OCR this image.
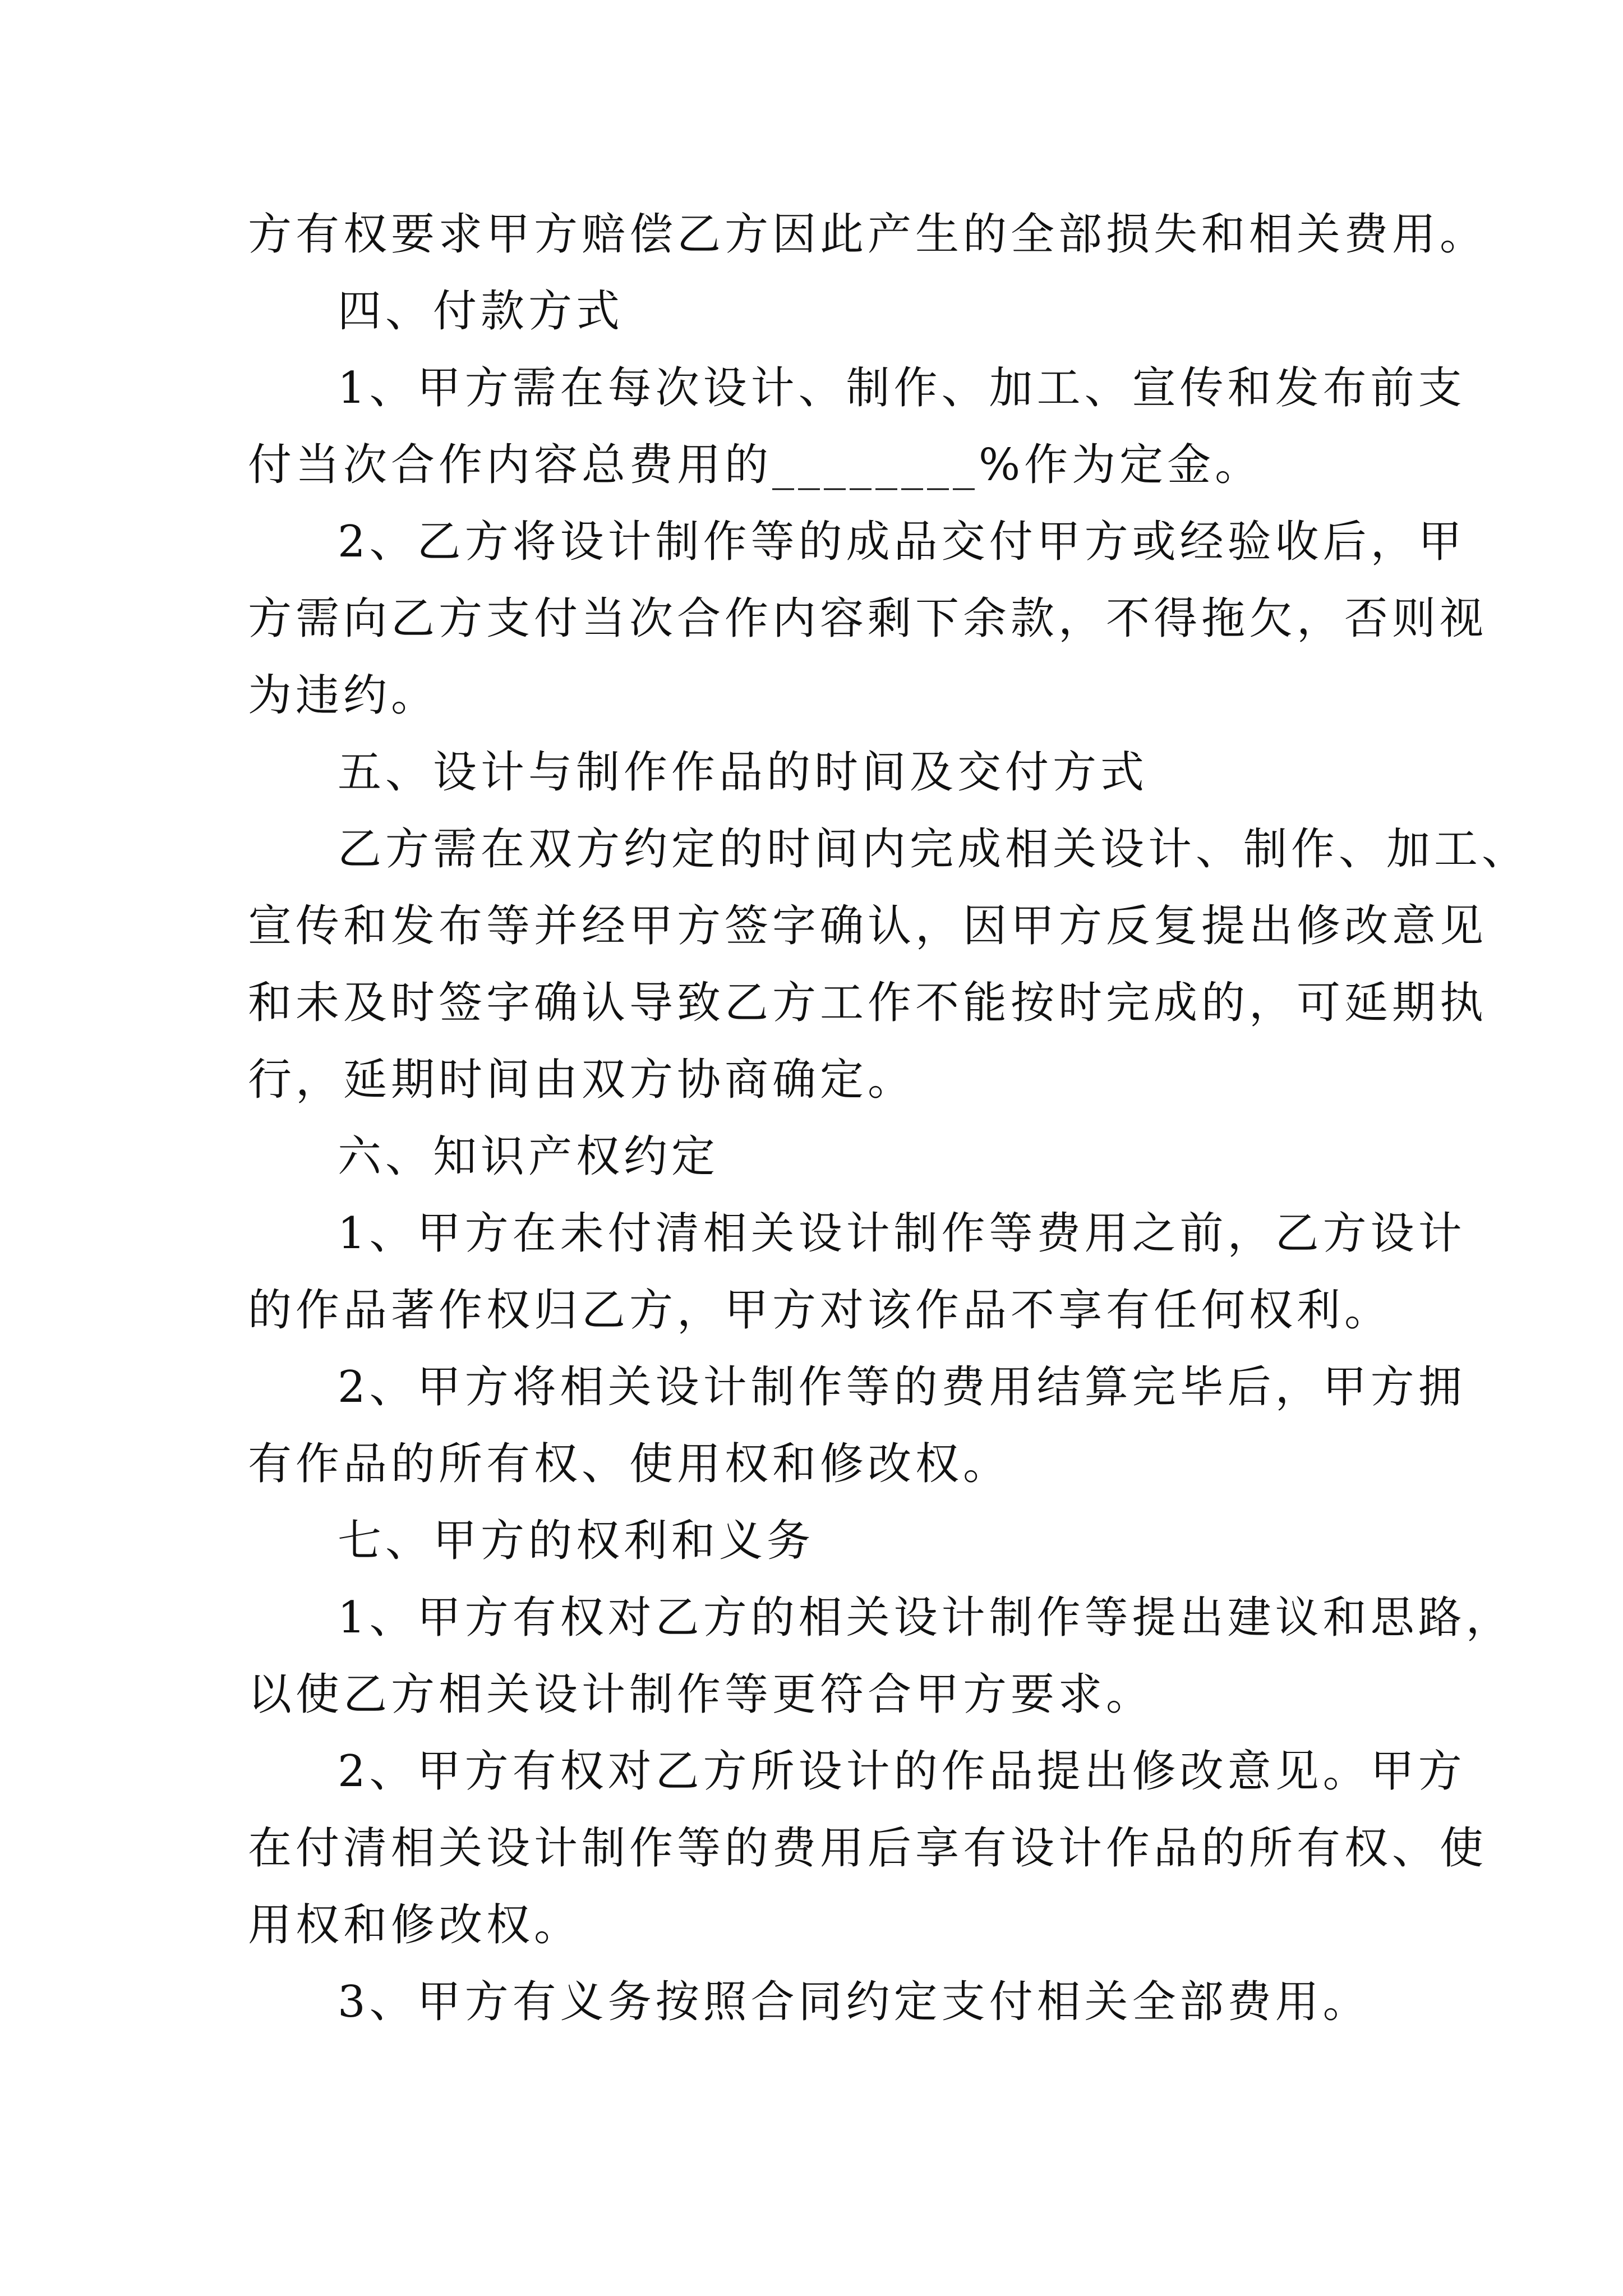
方有权要求甲方赔偿乙方因此产生的全部损失和相关费用。
四、付款方式
1、甲方需在每次设计、制作、加工、宣传和发布前支
付当次合作内容总费用的________%作为定金。
2、乙方将设计制作等的成品交付甲方或经验收后，甲
方需向乙方支付当次合作内容剩下余款，不得拖欠，否则视
为违约。
五、设计与制作作品的时间及交付方式
乙方需在双方约定的时间内完成相关设计、制作、加工、
宣传和发布等并经甲方签字确认，因甲方反复提出修改意见
和未及时签字确认导致乙方工作不能按时完成的，可延期执
行，延期时间由双方协商确定。
六、知识产权约定
1、甲方在未付清相关设计制作等费用之前，乙方设计
的作品著作权归乙方，甲方对该作品不享有任何权利。
2、甲方将相关设计制作等的费用结算完毕后，甲方拥
有作品的所有权、使用权和修改权。
七、甲方的权利和义务
1、甲方有权对乙方的相关设计制作等提出建议和思路，
以使乙方相关设计制作等更符合甲方要求。
2、甲方有权对乙方所设计的作品提出修改意见。甲方
在付清相关设计制作等的费用后享有设计作品的所有权、使
用权和修改权。
3、甲方有义务按照合同约定支付相关全部费用。
